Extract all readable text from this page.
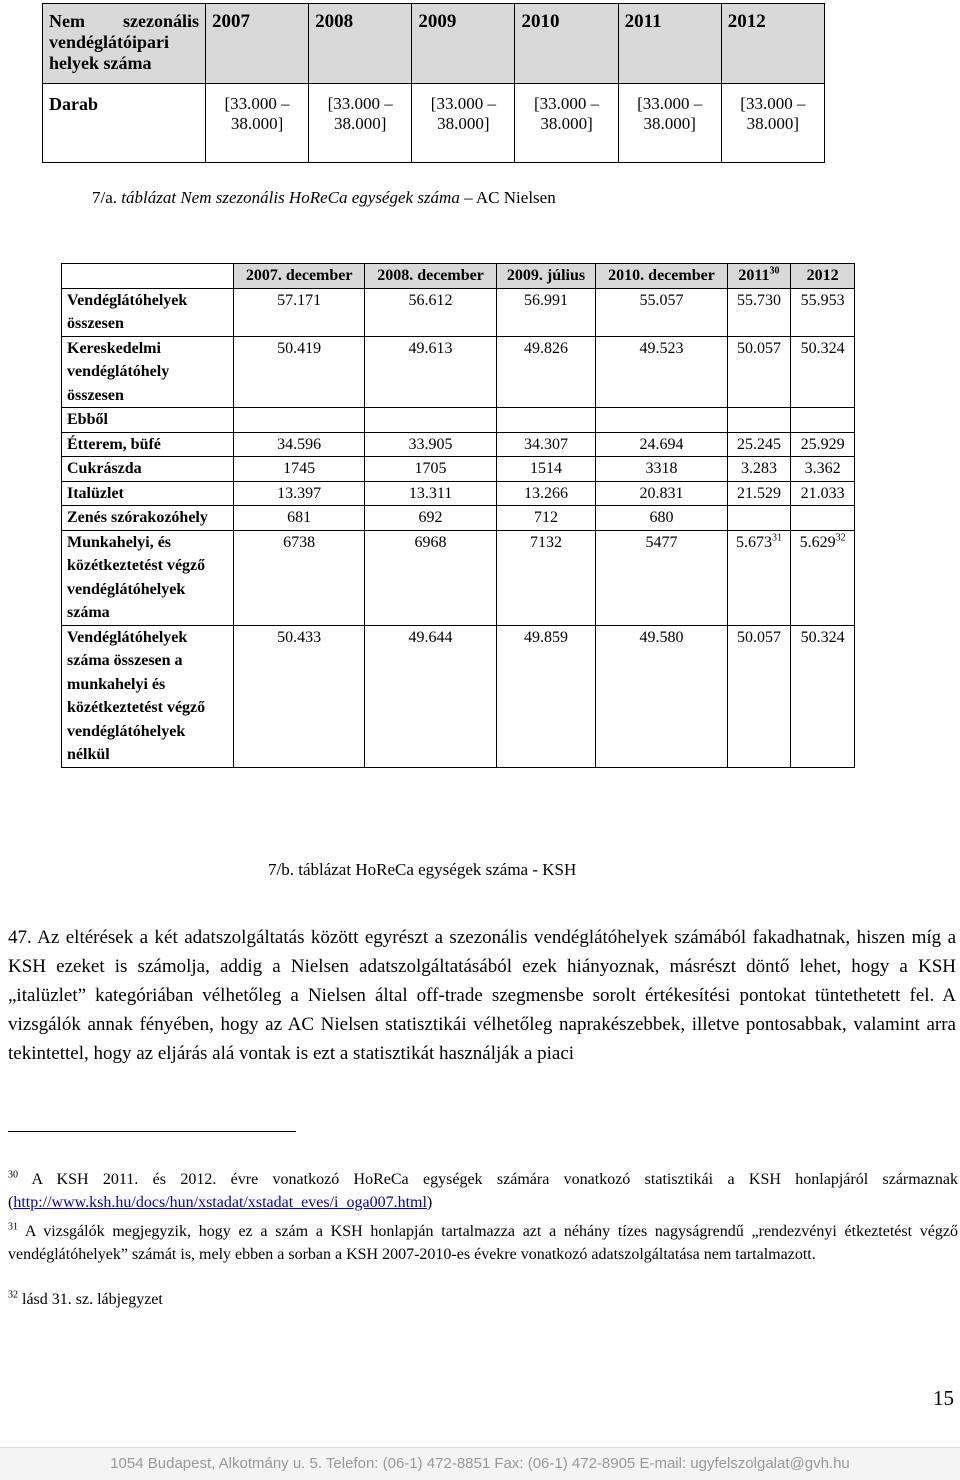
Nem szezonális vendéglátóipari helyek száma	2007	2008	2009	2010	2011	2012
Darab	[33.000 – 38.000]	[33.000 – 38.000]	[33.000 – 38.000]	[33.000 – 38.000]	[33.000 – 38.000]	[33.000 – 38.000]
7/a. táblázat Nem szezonális HoReCa egységek száma – AC Nielsen
	2007. december	2008. december	2009. július	2010. december	2011$^{30}$	2012
Vendéglátóhelyek összesen	57.171	56.612	56.991	55.057	55.730	55.953
Kereskedelmi vendéglátóhely összesen	50.419	49.613	49.826	49.523	50.057	50.324
Ebből						
Étterem, büfé	34.596	33.905	34.307	24.694	25.245	25.929
Cukrászda	1745	1705	1514	3318	3.283	3.362
Italüzlet	13.397	13.311	13.266	20.831	21.529	21.033
Zenés szórakozóhely	681	692	712	680		
Munkahelyi, és közétkeztetést végző vendéglátóhelyek száma	6738	6968	7132	5477	5.673$^{31}$	5.629$^{32}$
Vendéglátóhelyek száma összesen a munkahelyi és közétkeztetést végző vendéglátóhelyek nélkül	50.433	49.644	49.859	49.580	50.057	50.324
7/b. táblázat HoReCa egységek száma - KSH
47. Az eltérések a két adatszolgáltatás között egyrészt a szezonális vendéglátóhelyek számából fakadhatnak, hiszen míg a KSH ezeket is számolja, addig a Nielsen adatszolgáltatásából ezek hiányoznak, másrészt döntő lehet, hogy a KSH „italüzlet” kategóriában vélhetőleg a Nielsen által off-trade szegmensbe sorolt értékesítési pontokat tüntethetett fel. A vizsgálók annak fényében, hogy az AC Nielsen statisztikái vélhetőleg naprakészebbek, illetve pontosabbak, valamint arra tekintettel, hogy az eljárás alá vontak is ezt a statisztikát használják a piaci
$^{30}$ A KSH 2011. és 2012. évre vonatkozó HoReCa egységek számára vonatkozó statisztikái a KSH honlapjáról származnak (http://www.ksh.hu/docs/hun/xstadat/xstadat_eves/i_oga007.html)
$^{31}$ A vizsgálók megjegyzik, hogy ez a szám a KSH honlapján tartalmazza azt a néhány tízes nagyságrendű „rendezvényi étkeztetést végző vendéglátóhelyek” számát is, mely ebben a sorban a KSH 2007-2010-es évekre vonatkozó adatszolgáltatása nem tartalmazott.
$^{32}$ lásd 31. sz. lábjegyzet
15
1054 Budapest, Alkotmány u. 5. Telefon: (06-1) 472-8851 Fax: (06-1) 472-8905 E-mail: ugyfelszolgalat@gvh.hu
